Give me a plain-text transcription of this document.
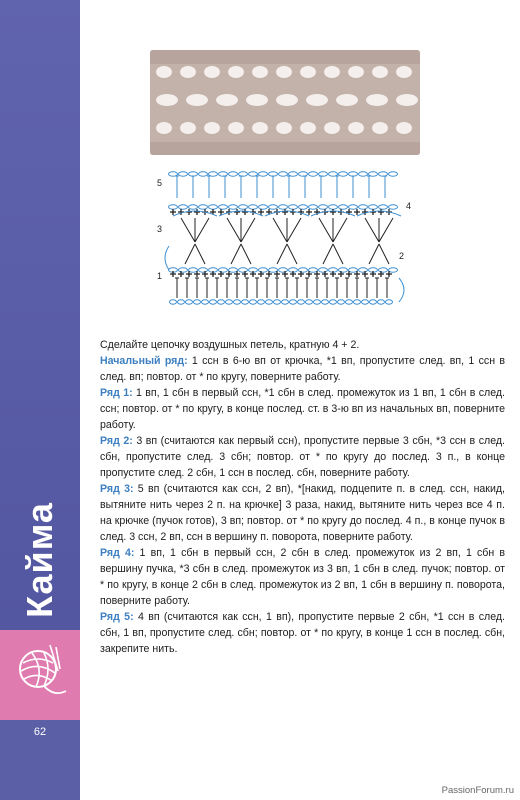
Кайма
62
5
4
3
2
1

Сделайте цепочку воздушных петель, кратную 4 + 2.

Начальный ряд: 1 ссн в 6-ю вп от крючка, *1 вп, пропустите след. вп, 1 ссн в след. вп; повтор. от * по кругу, поверните работу.

Ряд 1: 1 вп, 1 сбн в первый ссн, *1 сбн в след. промежуток из 1 вп, 1 сбн в след. ссн; повтор. от * по кругу, в конце послед. ст. в 3-ю вп из начальных вп, поверните работу.

Ряд 2: 3 вп (считаются как первый ссн), пропустите первые 3 сбн, *3 ссн в след. сбн, пропустите след. 3 сбн; повтор. от * по кругу до послед. 3 п., в конце пропустите след. 2 сбн, 1 ссн в послед. сбн, поверните работу.

Ряд 3: 5 вп (считаются как ссн, 2 вп), *[накид, подцепите п. в след. ссн, накид, вытяните нить через 2 п. на крючке] 3 раза, накид, вытяните нить через все 4 п. на крючке (пучок готов), 3 вп; повтор. от * по кругу до послед. 4 п., в конце пучок в след. 3 ссн, 2 вп, ссн в вершину п. поворота, поверните работу.

Ряд 4: 1 вп, 1 сбн в первый ссн, 2 сбн в след. промежуток из 2 вп, 1 сбн в вершину пучка, *3 сбн в след. промежуток из 3 вп, 1 сбн в след. пучок; повтор. от * по кругу, в конце 2 сбн в след. промежуток из 2 вп, 1 сбн в вершину п. поворота, поверните работу.

Ряд 5: 4 вп (считаются как ссн, 1 вп), пропустите первые 2 сбн, *1 ссн в след. сбн, 1 вп, пропустите след. сбн; повтор. от * по кругу, в конце 1 ссн в послед. сбн, закрепите нить.

PassionForum.ru
